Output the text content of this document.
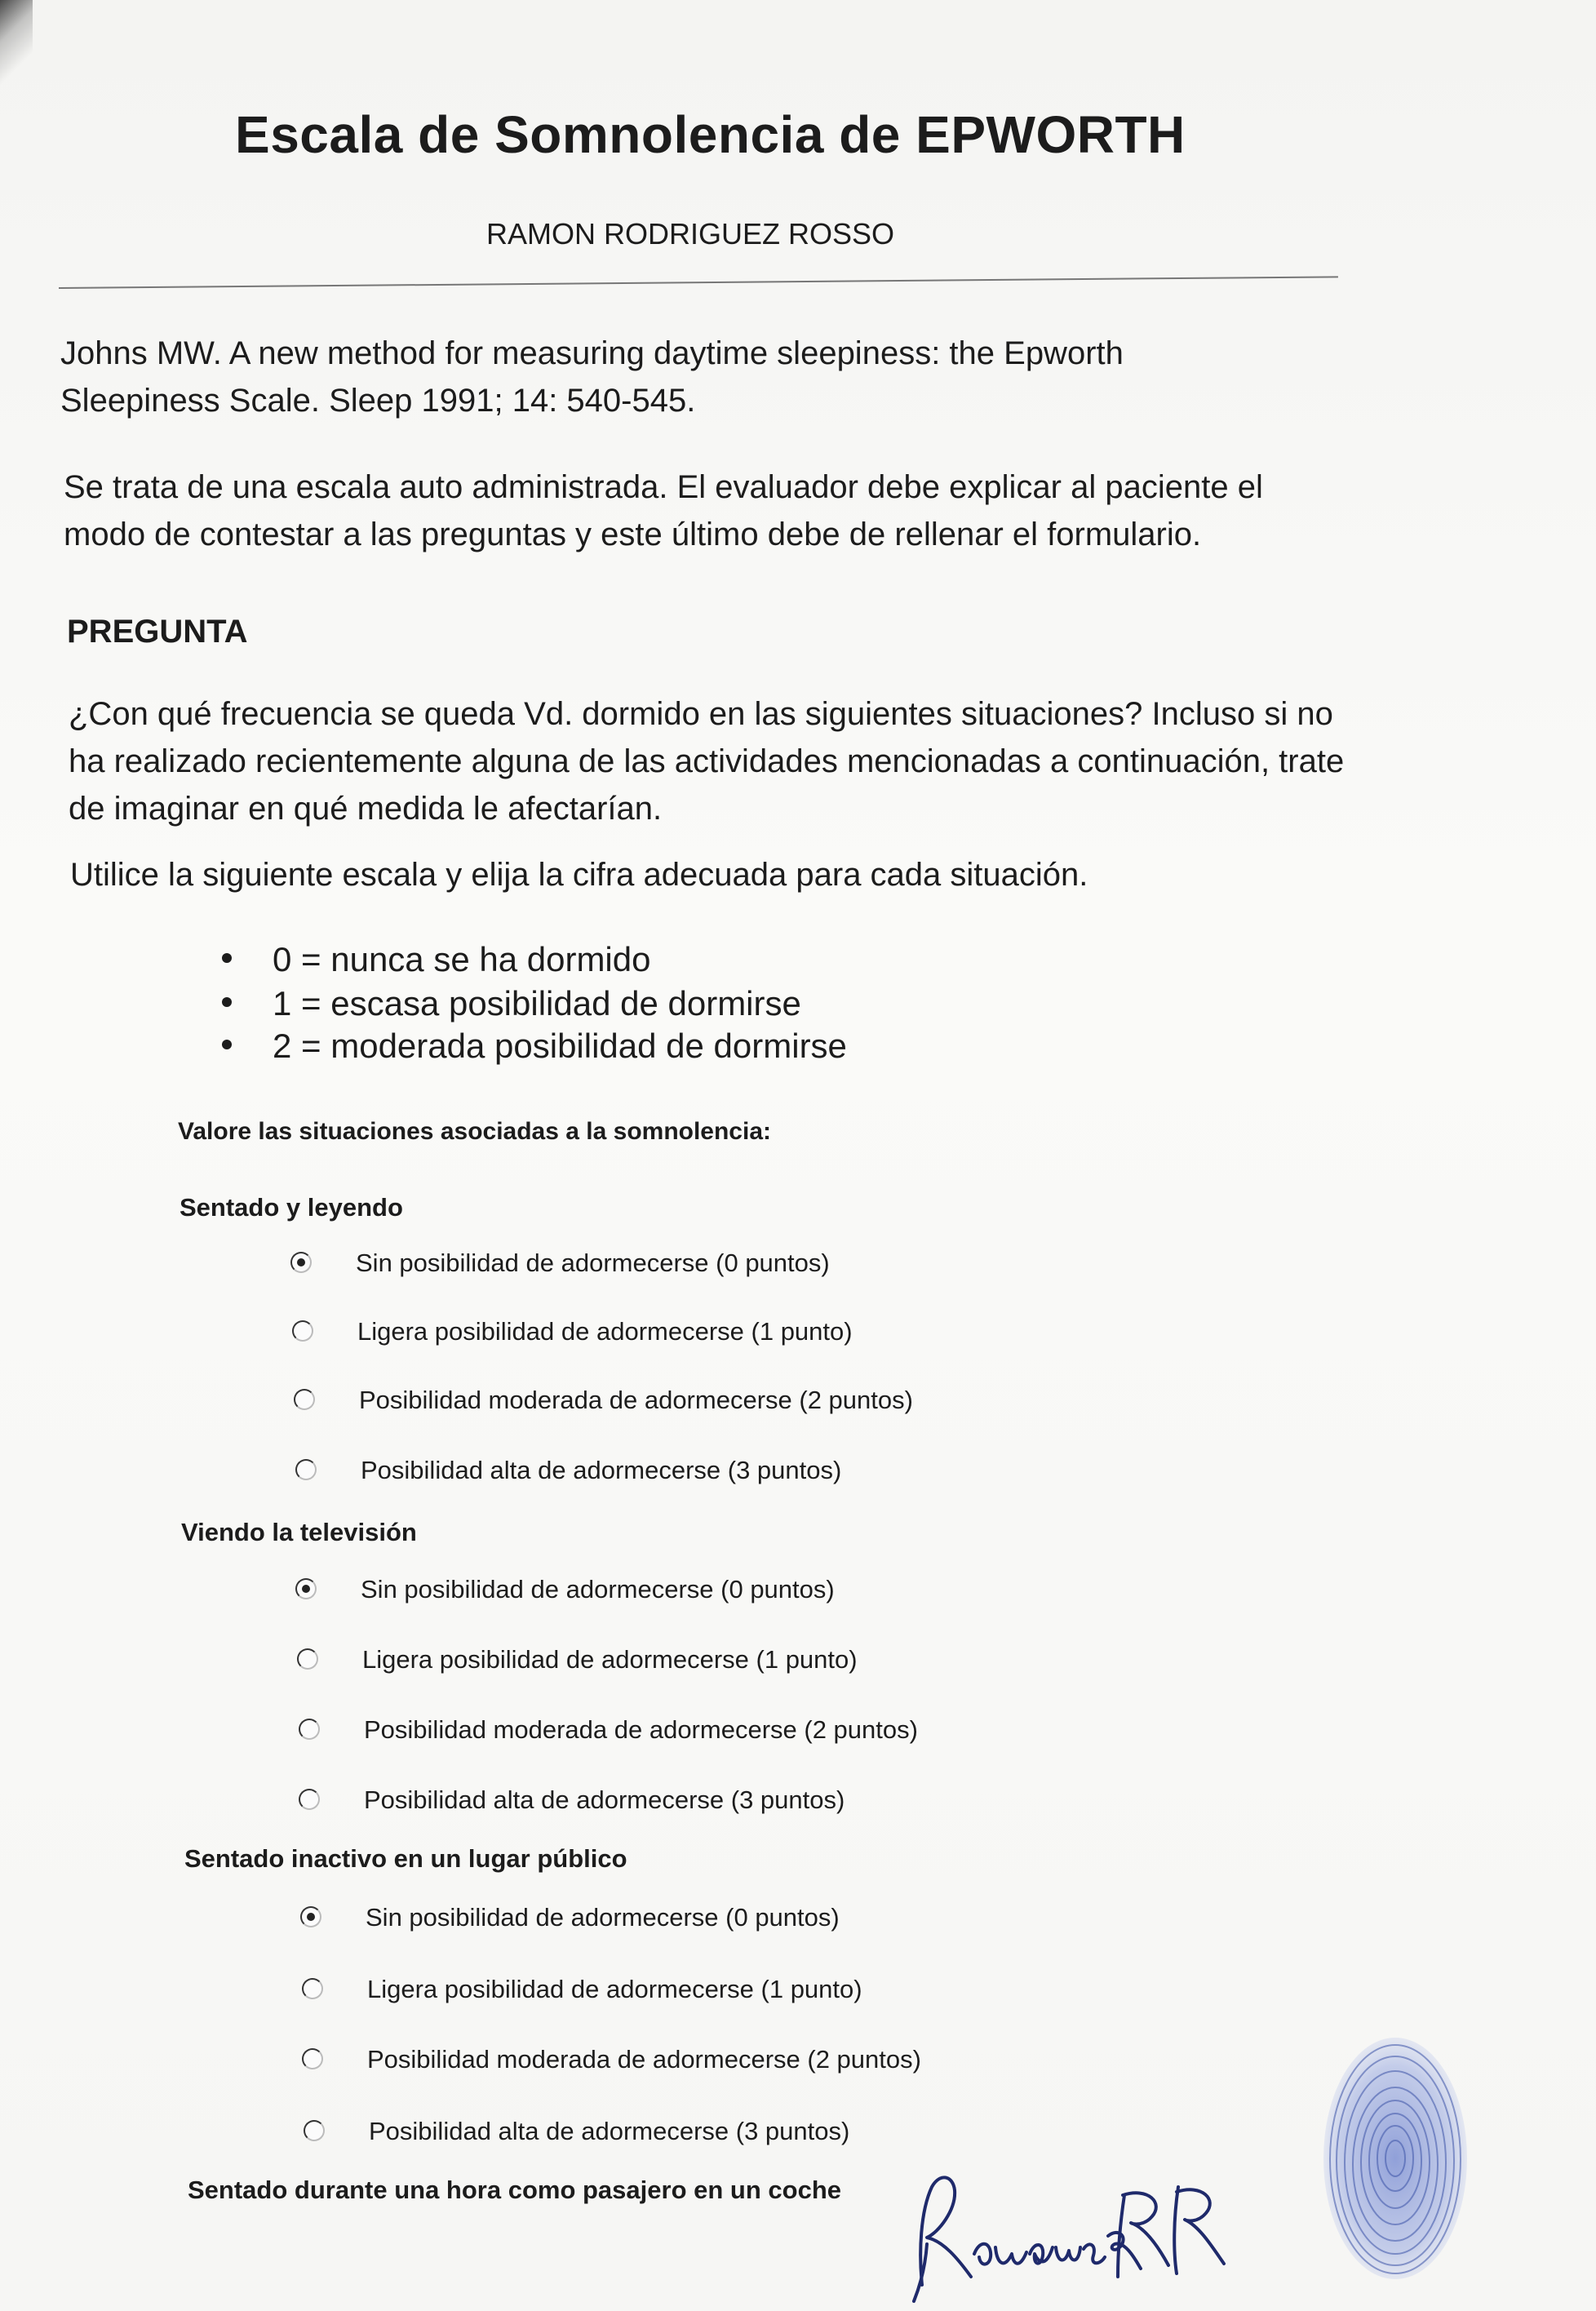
Escala de Somnolencia de EPWORTH
RAMON RODRIGUEZ ROSSO
Johns MW. A new method for measuring daytime sleepiness: the Epworth Sleepiness Scale. Sleep 1991; 14: 540-545.
Se trata de una escala auto administrada. El evaluador debe explicar al paciente el modo de contestar a las preguntas y este último debe de rellenar el formulario.
PREGUNTA
¿Con qué frecuencia se queda Vd. dormido en las siguientes situaciones? Incluso si no ha realizado recientemente alguna de las actividades mencionadas a continuación, trate de imaginar en qué medida le afectarían.
Utilice la siguiente escala y elija la cifra adecuada para cada situación.
0 = nunca se ha dormido
1 = escasa posibilidad de dormirse
2 = moderada posibilidad de dormirse
Valore las situaciones asociadas a la somnolencia:
Sentado y leyendo
Sin posibilidad de adormecerse (0 puntos)
Ligera posibilidad de adormecerse (1 punto)
Posibilidad moderada de adormecerse (2 puntos)
Posibilidad alta de adormecerse (3 puntos)
Viendo la televisión
Sin posibilidad de adormecerse (0 puntos)
Ligera posibilidad de adormecerse (1 punto)
Posibilidad moderada de adormecerse (2 puntos)
Posibilidad alta de adormecerse (3 puntos)
Sentado inactivo en un lugar público
Sin posibilidad de adormecerse (0 puntos)
Ligera posibilidad de adormecerse (1 punto)
Posibilidad moderada de adormecerse (2 puntos)
Posibilidad alta de adormecerse (3 puntos)
Sentado durante una hora como pasajero en un coche
